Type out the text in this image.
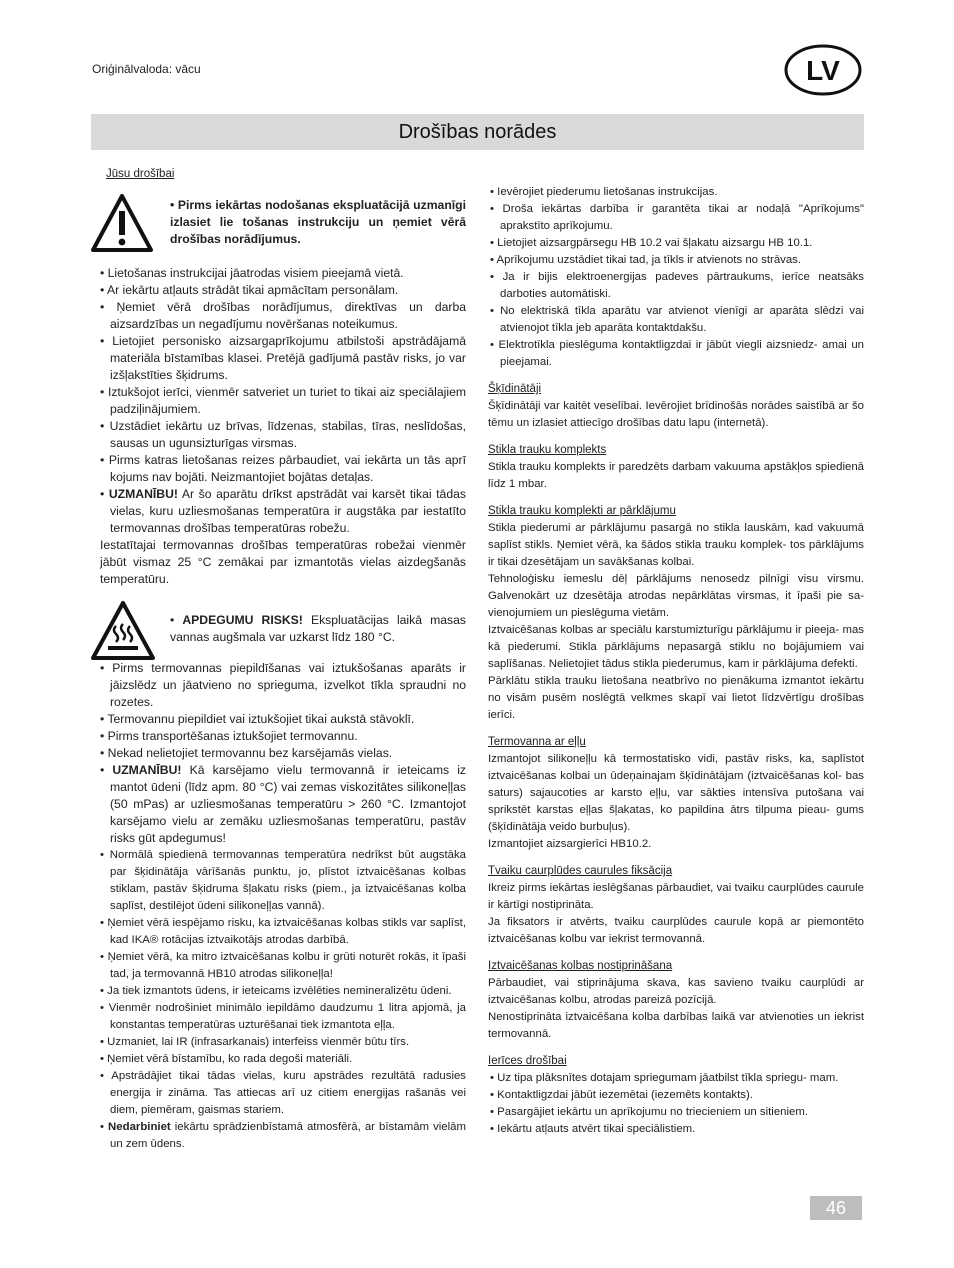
Oriģinālvaloda: vācu	LV
Drošības norādes

Jūsu drošībai

• Pirms iekārtas nodošanas ekspluatācijā uzmanīgi izlasiet lie tošanas instrukciju un ņemiet vērā drošības norādījumus.

• Lietošanas instrukcijai jāatrodas visiem pieejamā vietā.

• Ar iekārtu atļauts strādāt tikai apmācītam personālam.

• Ņemiet vērā drošības norādījumus, direktīvas un darba aizsardzības un negadījumu novēršanas noteikumus.

• Lietojiet personisko aizsargaprīkojumu atbilstoši apstrādājamā materiāla bīstamības klasei. Pretējā gadījumā pastāv risks, jo var izšļakstīties šķidrums.

• Iztukšojot ierīci, vienmēr satveriet un turiet to tikai aiz speciālajiem padziļinājumiem.

• Uzstādiet iekārtu uz brīvas, līdzenas, stabilas, tīras, neslīdošas, sausas un ugunsizturīgas virsmas.

• Pirms katras lietošanas reizes pārbaudiet, vai iekārta un tās aprī kojums nav bojāti. Neizmantojiet bojātas detaļas.

• UZMANĪBU! Ar šo aparātu drīkst apstrādāt vai karsēt tikai tādas vielas, kuru uzliesmošanas temperatūra ir augstāka par iestatīto termovannas drošības temperatūras robežu.

Iestatītajai termovannas drošības temperatūras robežai vienmēr jābūt vismaz 25 °C zemākai par izmantotās vielas aizdegšanās temperatūru.

• APDEGUMU RISKS! Ekspluatācijas laikā masas vannas augšmala var uzkarst līdz 180 °C.

• Pirms termovannas piepildīšanas vai iztukšošanas aparāts ir jāizslēdz un jāatvieno no sprieguma, izvelkot tīkla spraudni no rozetes.

• Termovannu piepildiet vai iztukšojiet tikai aukstā stāvoklī.

• Pirms transportēšanas iztukšojiet termovannu.

• Nekad nelietojiet termovannu bez karsējamās vielas.

• UZMANĪBU! Kā karsējamo vielu termovannā ir ieteicams iz mantot ūdeni (līdz apm. 80 °C) vai zemas viskozitātes silikoneļļas (50 mPas) ar uzliesmošanas temperatūru > 260 °C. Izmantojot karsējamo vielu ar zemāku uzliesmošanas temperatūru, pastāv risks gūt apdegumus!

• Normālā spiedienā termovannas temperatūra nedrīkst būt augstāka par šķidinātāja vārīšanās punktu, jo, plīstot iztvaicēšanas kolbas stiklam, pastāv šķidruma šļakatu risks (piem., ja iztvaicēšanas kolba saplīst, destilējot ūdeni silikoneļļas vannā).

• Ņemiet vērā iespējamo risku, ka iztvaicēšanas kolbas stikls var saplīst, kad IKA® rotācijas iztvaikotājs atrodas darbībā.

• Ņemiet vērā, ka mitro iztvaicēšanas kolbu ir grūti noturēt rokās, it īpaši tad, ja termovannā HB10 atrodas silikoneļļa!

• Ja tiek izmantots ūdens, ir ieteicams izvēlēties nemineralizētu ūdeni.

• Vienmēr nodrošiniet minimālo iepildāmo daudzumu 1 litra apjomā, ja konstantas temperatūras uzturēšanai tiek izmantota eļļa.

• Uzmaniet, lai IR (infrasarkanais) interfeiss vienmēr būtu tīrs.

• Ņemiet vērā bīstamību, ko rada degoši materiāli.

• Apstrādājiet tikai tādas vielas, kuru apstrādes rezultātā radusies energija ir zināma. Tas attiecas arī uz citiem energijas rašanās vei diem, piemēram, gaismas stariem.

• Nedarbiniet iekārtu sprādzienbīstamā atmosfērā, ar bīstamām vielām un zem ūdens.

• Ievērojiet piederumu lietošanas instrukcijas.

• Droša iekārtas darbība ir garantēta tikai ar nodaļā "Aprīkojums" aprakstīto aprīkojumu.

• Lietojiet aizsargpārsegu HB 10.2 vai šļakatu aizsargu HB 10.1.

• Aprīkojumu uzstādiet tikai tad, ja tīkls ir atvienots no strāvas.

• Ja ir bijis elektroenergijas padeves pārtraukums, ierīce neatsāks darboties automātiski.

• No elektriskā tīkla aparātu var atvienot vienīgi ar aparāta slēdzi vai atvienojot tīkla jeb aparāta kontaktdakšu.

• Elektrotīkla pieslēguma kontaktligzdai ir jābūt viegli aizsniedz- amai un pieejamai.

Šķīdinātāji

Šķīdinātāji var kaitēt veselībai. Ievērojiet brīdinošās norādes saistībā ar šo tēmu un izlasiet attiecīgo drošības datu lapu (internetā).

Stikla trauku komplekts

Stikla trauku komplekts ir paredzēts darbam vakuuma apstākļos spiedienā līdz 1 mbar.

Stikla trauku komplekti ar pārklājumu

Stikla piederumi ar pārklājumu pasargā no stikla lauskām, kad vakuumā saplīst stikls. Ņemiet vērā, ka šādos stikla trauku komplek- tos pārklājums ir tikai dzesētājam un savākšanas kolbai.

Tehnoloģisku iemeslu dēļ pārklājums nenosedz pilnīgi visu virsmu. Galvenokārt uz dzesētāja atrodas nepārklātas virsmas, it īpaši pie sa- vienojumiem un pieslēguma vietām.

Iztvaicēšanas kolbas ar speciālu karstumizturīgu pārklājumu ir pieeja- mas kā piederumi. Stikla pārklājums nepasargā stiklu no bojājumiem vai saplīšanas. Nelietojiet tādus stikla piederumus, kam ir pārklājuma defekti.

Pārklātu stikla trauku lietošana neatbrīvo no pienākuma izmantot iekārtu no visām pusēm noslēgtā velkmes skapī vai lietot līdzvērtīgu drošības ierīci.

Termovanna ar eļļu

Izmantojot silikoneļļu kā termostatisko vidi, pastāv risks, ka, saplīstot iztvaicēšanas kolbai un ūdeņainajam šķīdinātājam (iztvaicēšanas kol- bas saturs) sajaucoties ar karsto eļļu, var sākties intensīva putošana vai sprikstēt karstas eļļas šļakatas, ko papildina ātrs tilpuma pieau- gums (šķīdinātāja veido burbuļus).

Izmantojiet aizsargierīci HB10.2.

Tvaiku caurplūdes caurules fiksācija

Ikreiz pirms iekārtas ieslēgšanas pārbaudiet, vai tvaiku caurplūdes caurule ir kārtīgi nostiprināta.

Ja fiksators ir atvērts, tvaiku caurplūdes caurule kopā ar piemontēto iztvaicēšanas kolbu var iekrist termovannā.

Iztvaicēšanas kolbas nostiprināšana

Pārbaudiet, vai stiprinājuma skava, kas savieno tvaiku caurplūdi ar iztvaicēšanas kolbu, atrodas pareizā pozīcijā.

Nenostiprināta iztvaicēšana kolba darbības laikā var atvienoties un iekrist termovannā.

Ierīces drošībai

• Uz tipa plāksnītes dotajam spriegumam jāatbilst tīkla spriegu- mam.

• Kontaktligzdai jābūt iezemētai (iezemēts kontakts).

• Pasargājiet iekārtu un aprīkojumu no triecieniem un sitieniem.

• Iekārtu atļauts atvērt tikai speciālistiem.

46
